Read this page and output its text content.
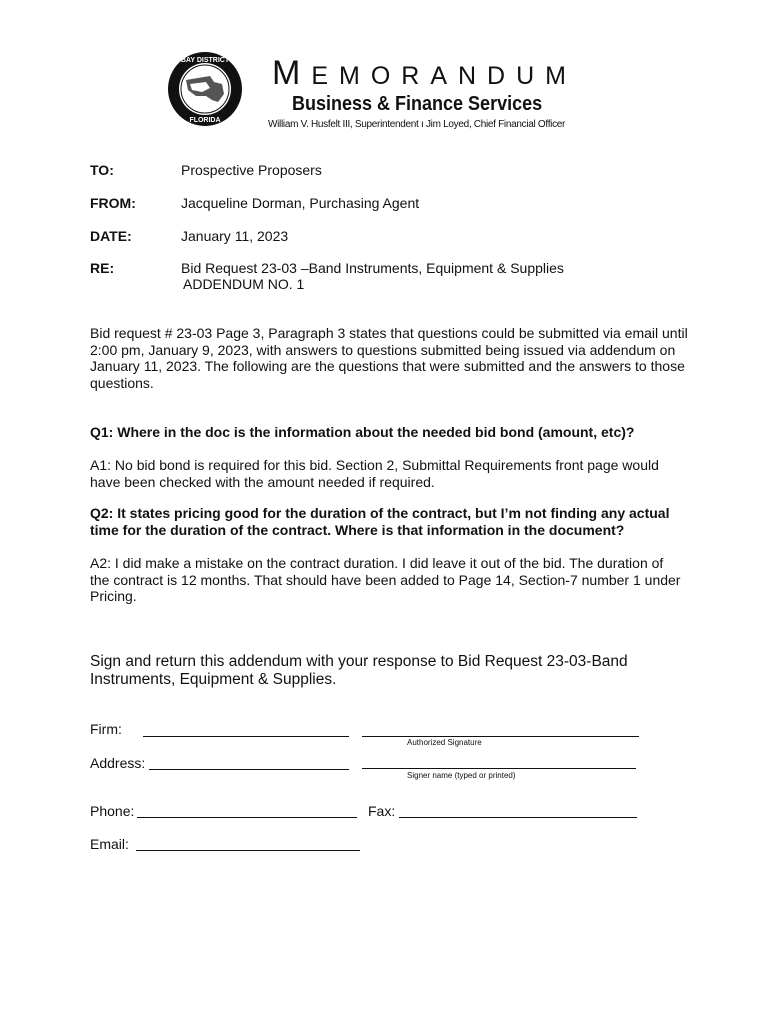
BAY DISTRICT
FLORIDA
MEMORANDUM
Business & Finance Services
William V. Husfelt III, Superintendent ı Jim Loyed, Chief Financial Officer
TO:	Prospective Proposers
FROM:	Jacqueline Dorman, Purchasing Agent
DATE:	January 11, 2023
RE:	Bid Request 23-03 –Band Instruments, Equipment & Supplies
ADDENDUM NO. 1
Bid request # 23-03 Page 3, Paragraph 3 states that questions could be submitted via email until 2:00 pm, January 9, 2023, with answers to questions submitted being issued via addendum on January 11, 2023. The following are the questions that were submitted and the answers to those questions.
Q1: Where in the doc is the information about the needed bid bond (amount, etc)?
A1: No bid bond is required for this bid. Section 2, Submittal Requirements front page would have been checked with the amount needed if required.
Q2: It states pricing good for the duration of the contract, but I’m not finding any actual time for the duration of the contract. Where is that information in the document?
A2: I did make a mistake on the contract duration. I did leave it out of the bid. The duration of the contract is 12 months. That should have been added to Page 14, Section-7 number 1 under Pricing.
Sign and return this addendum with your response to Bid Request 23-03-Band Instruments, Equipment & Supplies.
Firm:
Authorized Signature
Address:
Signer name (typed or printed)
Phone:	Fax:
Email:
